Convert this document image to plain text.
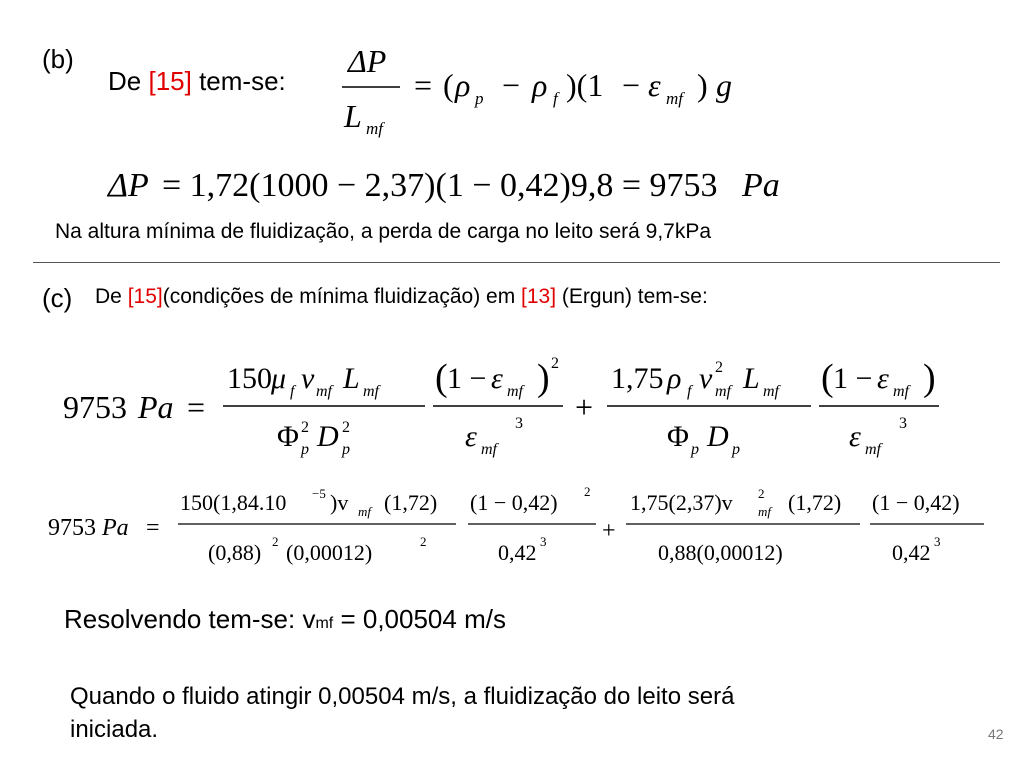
(b)
De [15] tem-se:
ΔP
L mf
= ( ρ p − ρ f )(1 − ε mf ) g
ΔP = 1,72(1000 − 2,37)(1 − 0,42)9,8 = 9753 Pa
Na altura mínima de fluidização, a perda de carga no leito será 9,7kPa
(c) De [15](condições de mínima fluidização) em [13] (Ergun) tem-se:
9753 Pa =
150 μ f v mf L mf
Φ 2
p D 2
p
( 1 − ε mf ) 2
ε mf
3 +
1,75 ρ f v 2
mf L mf
Φ p D p
( 1 − ε mf )
ε mf
3
9753 Pa =
150(1,84.10 −5 )v mf (1,72)
(0,88) 2 (0,00012)	2
(1 − 0,42) 2
0,42 3 +
1,75(2,37)v 2
mf (1,72)
0,88(0,00012)
(1 − 0,42)
0,42 3
Resolvendo tem-se: vmf = 0,00504 m/s
Quando o fluido atingir 0,00504 m/s, a fluidização do leito será
iniciada.	42
